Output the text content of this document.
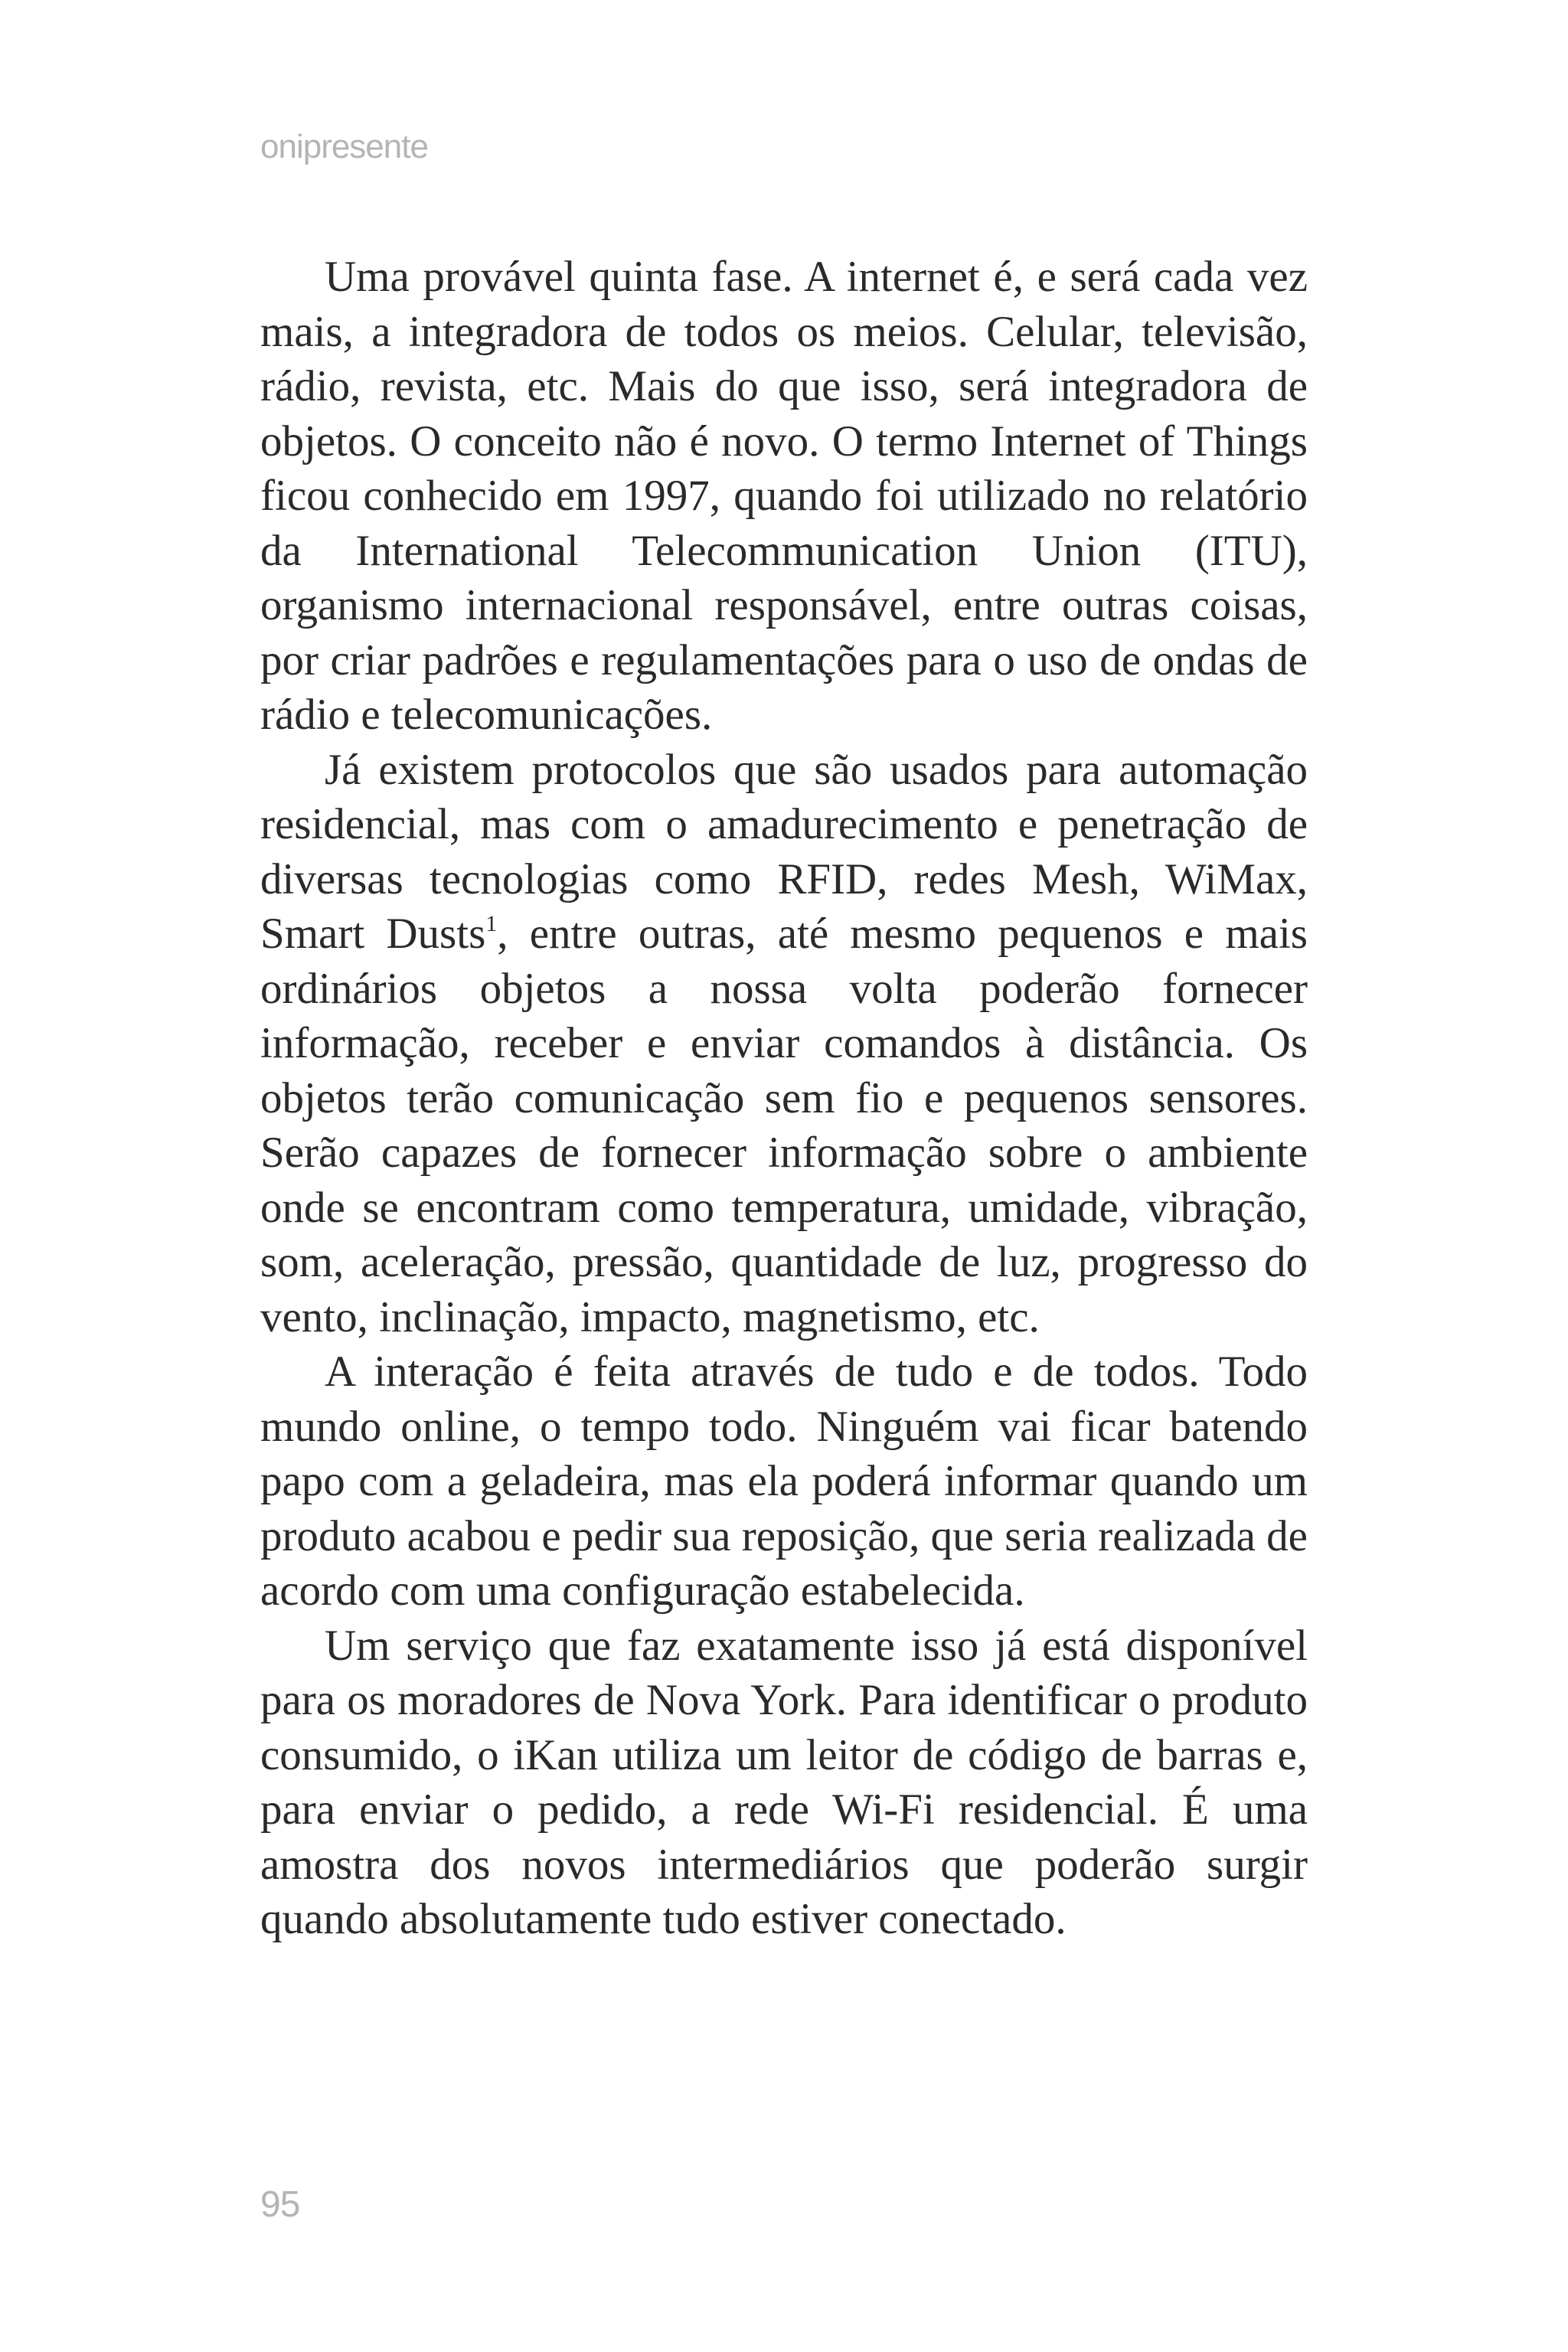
onipresente

Uma provável quinta fase. A internet é, e será cada vez mais, a integradora de todos os meios. Celular, televisão, rádio, revista, etc. Mais do que isso, será integradora de objetos. O conceito não é novo. O termo Internet of Things ficou conhecido em 1997, quando foi utilizado no relatório da International Telecommunication Union (ITU), organismo internacional responsável, entre outras coisas, por criar padrões e regulamentações para o uso de ondas de rádio e telecomunicações.

Já existem protocolos que são usados para automação residencial, mas com o amadurecimento e penetração de diversas tecnologias como RFID, redes Mesh, WiMax, Smart Dusts$^1$, entre outras, até mesmo pequenos e mais ordinários objetos a nossa volta poderão fornecer informação, receber e enviar comandos à distância. Os objetos terão comunicação sem fio e pequenos sensores. Serão capazes de fornecer informação sobre o ambiente onde se encontram como temperatura, umidade, vibração, som, aceleração, pressão, quantidade de luz, progresso do vento, inclinação, impacto, magnetismo, etc.

A interação é feita através de tudo e de todos. Todo mundo online, o tempo todo. Ninguém vai ficar batendo papo com a geladeira, mas ela poderá informar quando um produto acabou e pedir sua reposição, que seria realizada de acordo com uma configuração estabelecida.

Um serviço que faz exatamente isso já está disponível para os moradores de Nova York. Para identificar o produto consumido, o iKan utiliza um leitor de código de barras e, para enviar o pedido, a rede Wi-Fi residencial. É uma amostra dos novos intermediários que poderão surgir quando absolutamente tudo estiver conectado.

95
